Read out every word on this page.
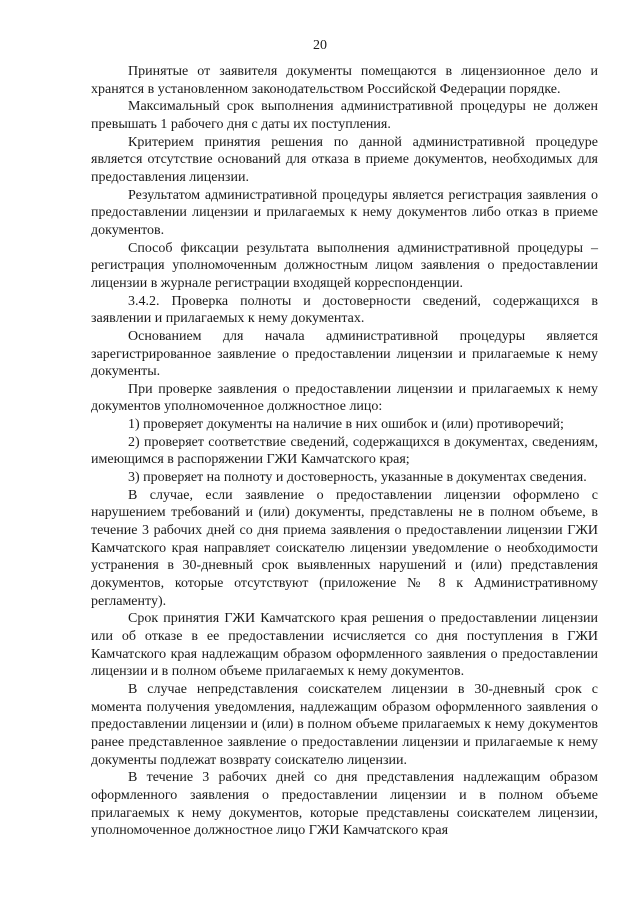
20

Принятые от заявителя документы помещаются в лицензионное дело и хранятся в установленном законодательством Российской Федерации порядке.

Максимальный срок выполнения административной процедуры не должен превышать 1 рабочего дня с даты их поступления.

Критерием принятия решения по данной административной процедуре является отсутствие оснований для отказа в приеме документов, необходимых для предоставления лицензии.

Результатом административной процедуры является регистрация заявления о предоставлении лицензии и прилагаемых к нему документов либо отказ в приеме документов.

Способ фиксации результата выполнения административной процедуры – регистрация уполномоченным должностным лицом заявления о предоставлении лицензии в журнале регистрации входящей корреспонденции.

3.4.2. Проверка полноты и достоверности сведений, содержащихся в заявлении и прилагаемых к нему документах.

Основанием для начала административной процедуры является зарегистрированное заявление о предоставлении лицензии и прилагаемые к нему документы.

При проверке заявления о предоставлении лицензии и прилагаемых к нему документов уполномоченное должностное лицо:

1) проверяет документы на наличие в них ошибок и (или) противоречий;

2) проверяет соответствие сведений, содержащихся в документах, сведениям, имеющимся в распоряжении ГЖИ Камчатского края;

3) проверяет на полноту и достоверность, указанные в документах сведения.

В случае, если заявление о предоставлении лицензии оформлено с нарушением требований и (или) документы, представлены не в полном объеме, в течение 3 рабочих дней со дня приема заявления о предоставлении лицензии ГЖИ Камчатского края направляет соискателю лицензии уведомление о необходимости устранения в 30-дневный срок выявленных нарушений и (или) представления документов, которые отсутствуют (приложение № 8 к Административному регламенту).

Срок принятия ГЖИ Камчатского края решения о предоставлении лицензии или об отказе в ее предоставлении исчисляется со дня поступления в ГЖИ Камчатского края надлежащим образом оформленного заявления о предоставлении лицензии и в полном объеме прилагаемых к нему документов.

В случае непредставления соискателем лицензии в 30-дневный срок с момента получения уведомления, надлежащим образом оформленного заявления о предоставлении лицензии и (или) в полном объеме прилагаемых к нему документов ранее представленное заявление о предоставлении лицензии и прилагаемые к нему документы подлежат возврату соискателю лицензии.

В течение 3 рабочих дней со дня представления надлежащим образом оформленного заявления о предоставлении лицензии и в полном объеме прилагаемых к нему документов, которые представлены соискателем лицензии, уполномоченное должностное лицо ГЖИ Камчатского края
